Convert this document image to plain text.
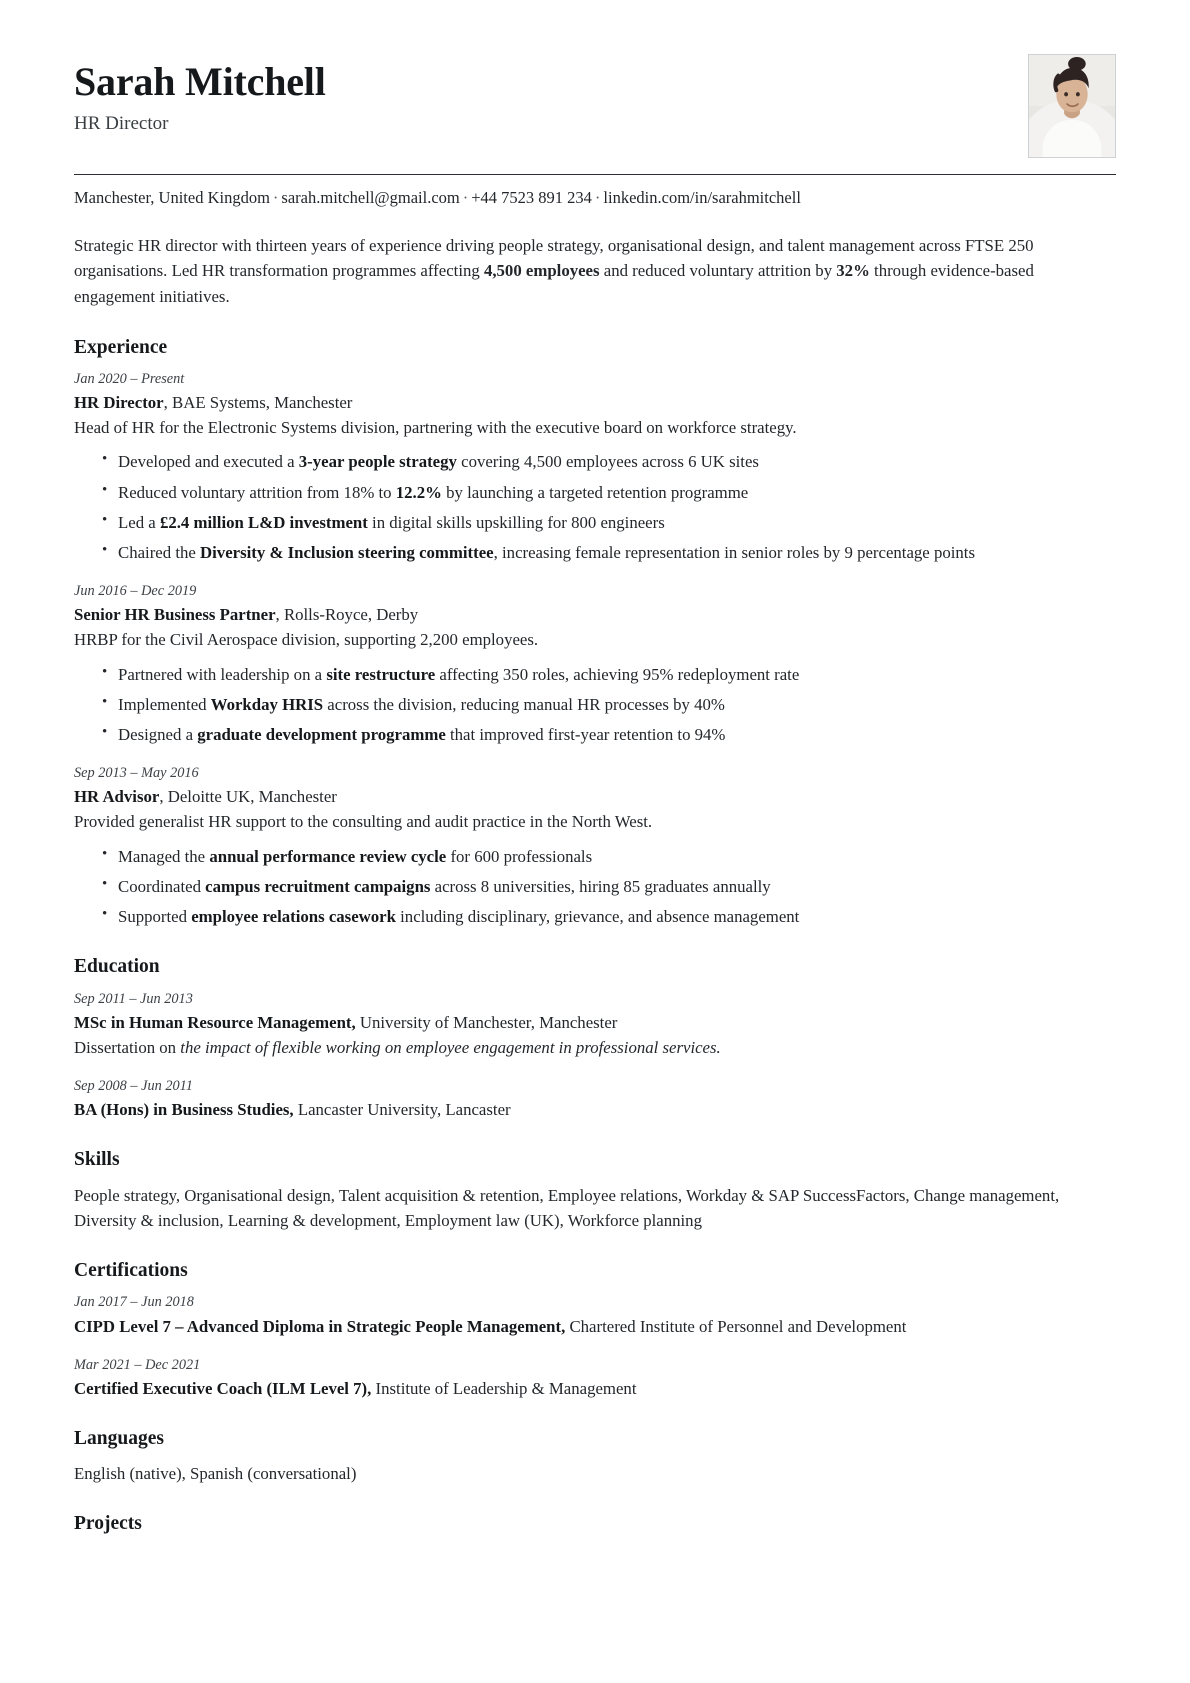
Sarah Mitchell
HR Director
Manchester, United Kingdom · sarah.mitchell@gmail.com · +44 7523 891 234 · linkedin.com/in/sarahmitchell

Strategic HR director with thirteen years of experience driving people strategy, organisational design, and talent management across FTSE 250 organisations. Led HR transformation programmes affecting 4,500 employees and reduced voluntary attrition by 32% through evidence-based engagement initiatives.

Experience
Jan 2020 – Present
HR Director, BAE Systems, Manchester
Head of HR for the Electronic Systems division, partnering with the executive board on workforce strategy.
• Developed and executed a 3-year people strategy covering 4,500 employees across 6 UK sites
• Reduced voluntary attrition from 18% to 12.2% by launching a targeted retention programme
• Led a £2.4 million L&D investment in digital skills upskilling for 800 engineers
• Chaired the Diversity & Inclusion steering committee, increasing female representation in senior roles by 9 percentage points
Jun 2016 – Dec 2019
Senior HR Business Partner, Rolls-Royce, Derby
HRBP for the Civil Aerospace division, supporting 2,200 employees.
• Partnered with leadership on a site restructure affecting 350 roles, achieving 95% redeployment rate
• Implemented Workday HRIS across the division, reducing manual HR processes by 40%
• Designed a graduate development programme that improved first-year retention to 94%
Sep 2013 – May 2016
HR Advisor, Deloitte UK, Manchester
Provided generalist HR support to the consulting and audit practice in the North West.
• Managed the annual performance review cycle for 600 professionals
• Coordinated campus recruitment campaigns across 8 universities, hiring 85 graduates annually
• Supported employee relations casework including disciplinary, grievance, and absence management
Education
Sep 2011 – Jun 2013
MSc in Human Resource Management, University of Manchester, Manchester
Dissertation on the impact of flexible working on employee engagement in professional services.
Sep 2008 – Jun 2011
BA (Hons) in Business Studies, Lancaster University, Lancaster
Skills

People strategy, Organisational design, Talent acquisition & retention, Employee relations, Workday & SAP SuccessFactors, Change management, Diversity & inclusion, Learning & development, Employment law (UK), Workforce planning

Certifications
Jan 2017 – Jun 2018
CIPD Level 7 – Advanced Diploma in Strategic People Management, Chartered Institute of Personnel and Development
Mar 2021 – Dec 2021
Certified Executive Coach (ILM Level 7), Institute of Leadership & Management
Languages

English (native), Spanish (conversational)

Projects
